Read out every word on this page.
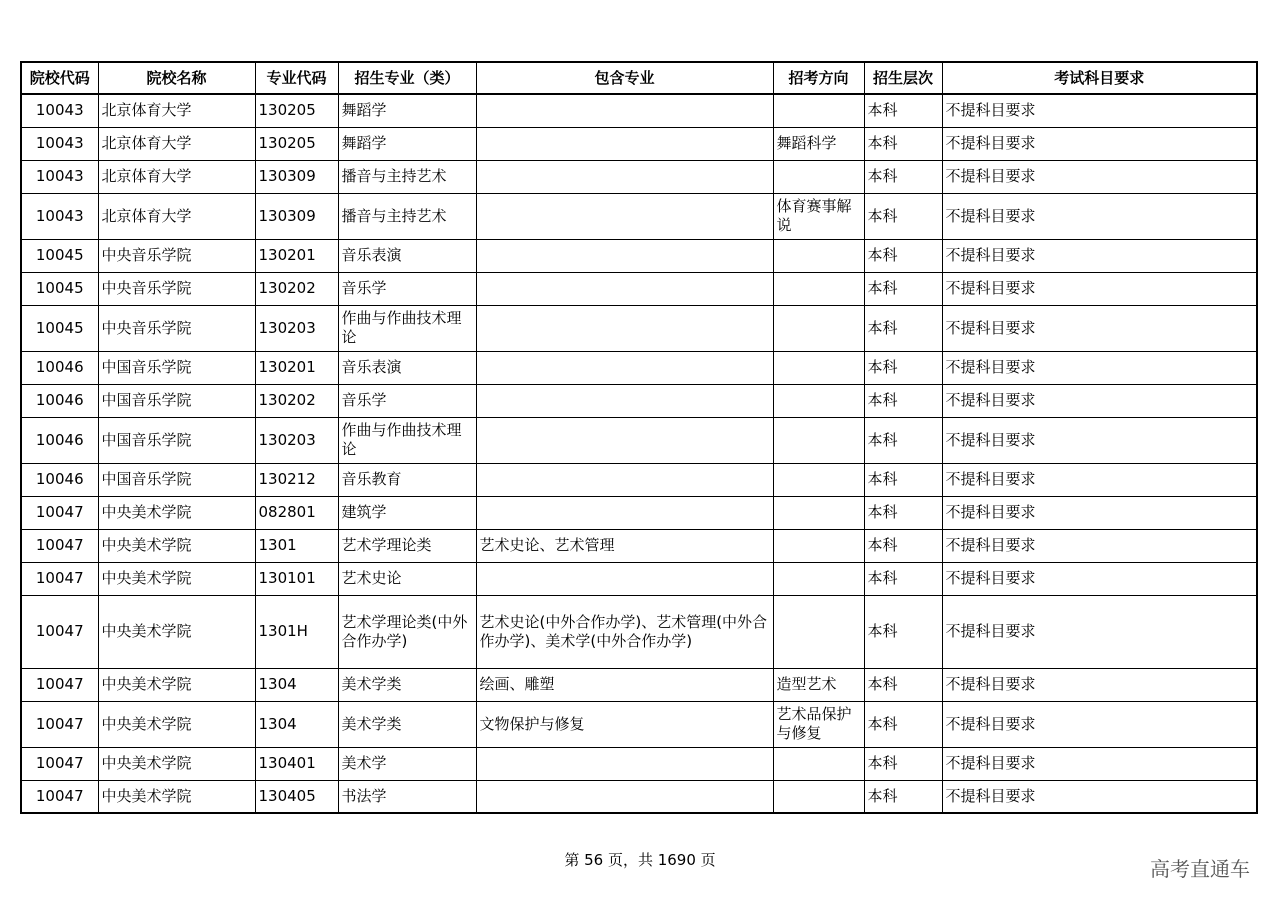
院校代码	院校名称	专业代码	招生专业（类）	包含专业	招考方向	招生层次	考试科目要求
10043	北京体育大学	130205	舞蹈学			本科	不提科目要求
10043	北京体育大学	130205	舞蹈学		舞蹈科学	本科	不提科目要求
10043	北京体育大学	130309	播音与主持艺术			本科	不提科目要求
10043	北京体育大学	130309	播音与主持艺术		体育赛事解说	本科	不提科目要求
10045	中央音乐学院	130201	音乐表演			本科	不提科目要求
10045	中央音乐学院	130202	音乐学			本科	不提科目要求
10045	中央音乐学院	130203	作曲与作曲技术理论			本科	不提科目要求
10046	中国音乐学院	130201	音乐表演			本科	不提科目要求
10046	中国音乐学院	130202	音乐学			本科	不提科目要求
10046	中国音乐学院	130203	作曲与作曲技术理论			本科	不提科目要求
10046	中国音乐学院	130212	音乐教育			本科	不提科目要求
10047	中央美术学院	082801	建筑学			本科	不提科目要求
10047	中央美术学院	1301	艺术学理论类	艺术史论、艺术管理		本科	不提科目要求
10047	中央美术学院	130101	艺术史论			本科	不提科目要求
10047	中央美术学院	1301H	艺术学理论类(中外合作办学)	艺术史论(中外合作办学)、艺术管理(中外合作办学)、美术学(中外合作办学)		本科	不提科目要求
10047	中央美术学院	1304	美术学类	绘画、雕塑	造型艺术	本科	不提科目要求
10047	中央美术学院	1304	美术学类	文物保护与修复	艺术品保护与修复	本科	不提科目要求
10047	中央美术学院	130401	美术学			本科	不提科目要求
10047	中央美术学院	130405	书法学			本科	不提科目要求
第 56 页，共 1690 页	高考直通车
